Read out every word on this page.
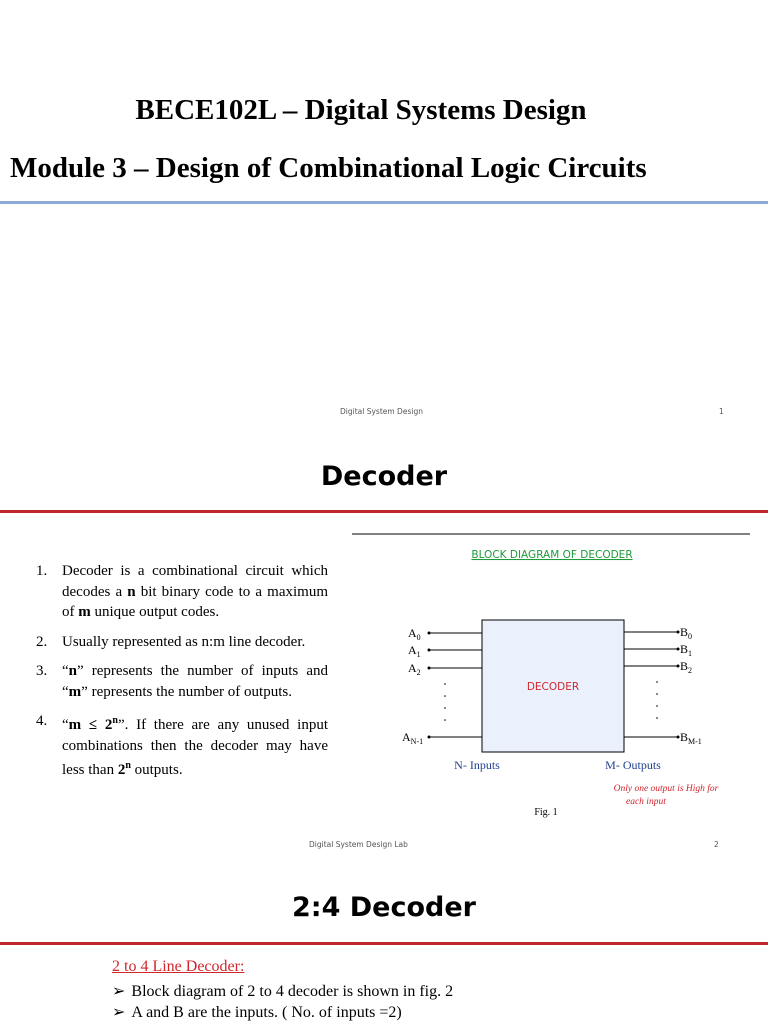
BECE102L – Digital Systems Design
Module 3 – Design of Combinational Logic Circuits
Digital System Design	1
Decoder
1. Decoder is a combinational circuit which decodes a n bit binary code to a maximum of m unique output codes.
2. Usually represented as n:m line decoder.
3. “n” represents the number of inputs and “m” represents the number of outputs.
4. “$m \le 2^n$”. If there are any unused input combinations then the decoder may have less than 2$^n$ outputs.
BLOCK DIAGRAM OF DECODER
DECODER
$A_0$
$A_1$
$A_2$
$A_{N-1}$
$B_0$
$B_1$
$B_2$
$B_{M-1}$
N- Inputs	M- Outputs
Only one output is High for
each input
Fig. 1
Digital System Design Lab	2
2:4 Decoder
2 to 4 Line Decoder:
➢ Block diagram of 2 to 4 decoder is shown in fig. 2
➢ A and B are the inputs. ( No. of inputs =2)
